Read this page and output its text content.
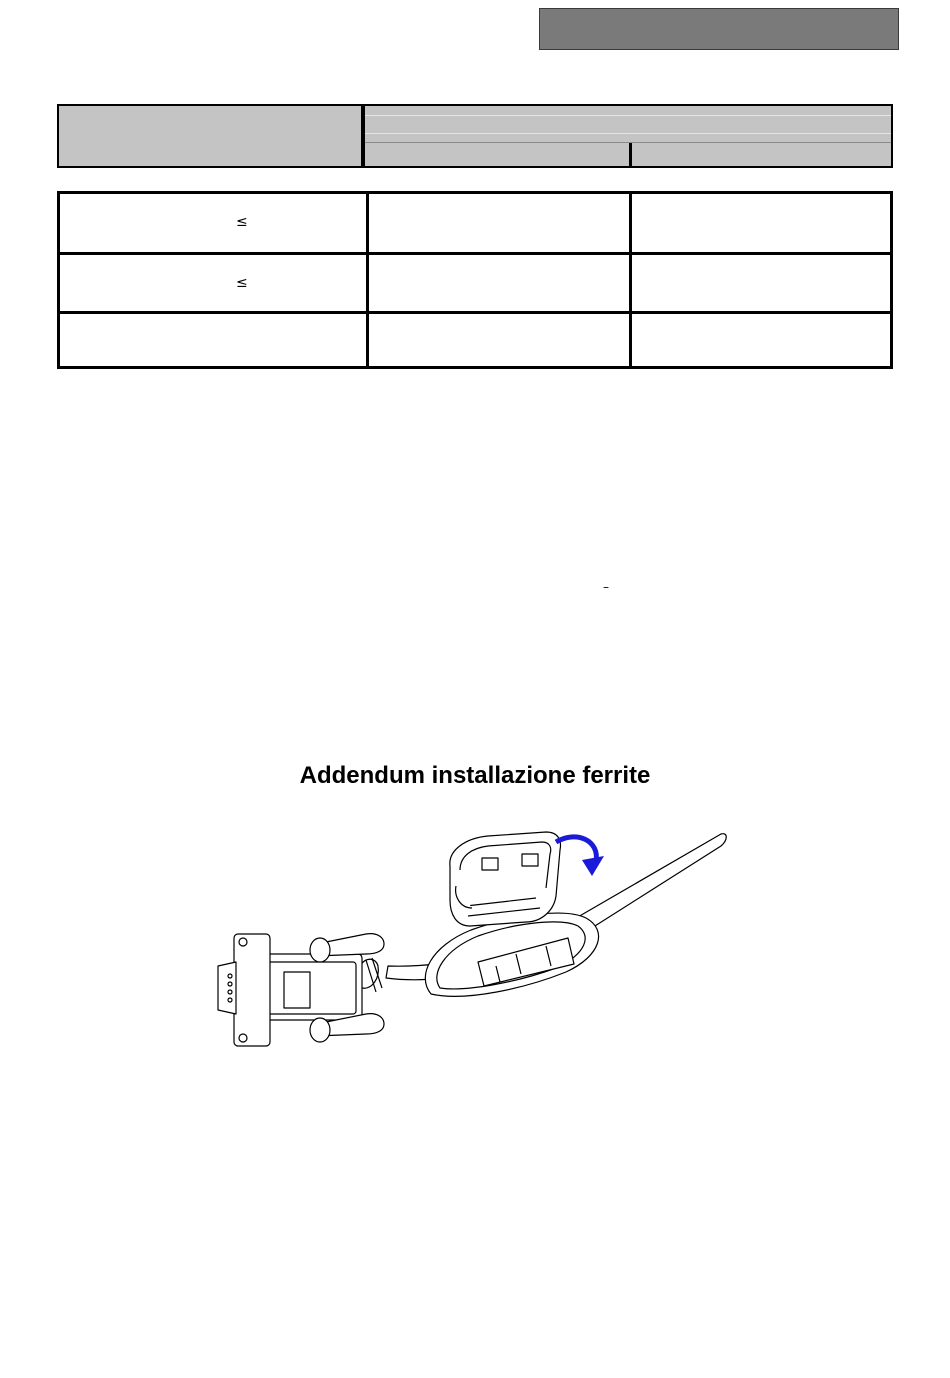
≤
≤
–
Addendum installazione ferrite
